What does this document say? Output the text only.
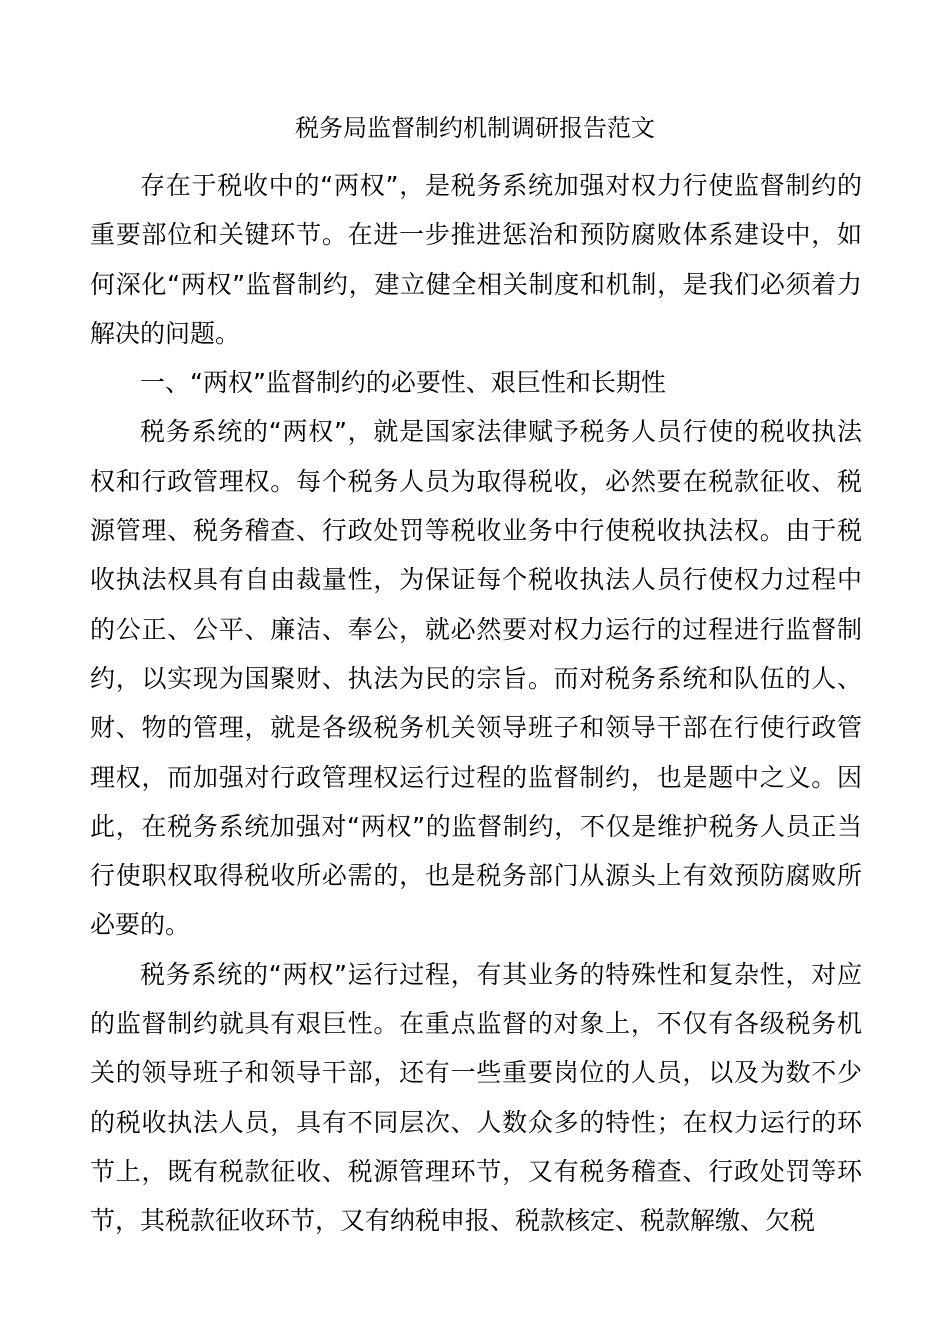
税务局监督制约机制调研报告范文

存在于税收中的“两权”，是税务系统加强对权力行使监督制约的重要部位和关键环节。在进一步推进惩治和预防腐败体系建设中，如何深化“两权”监督制约，建立健全相关制度和机制，是我们必须着力解决的问题。

一、“两权”监督制约的必要性、艰巨性和长期性

税务系统的“两权”，就是国家法律赋予税务人员行使的税收执法权和行政管理权。每个税务人员为取得税收，必然要在税款征收、税源管理、税务稽查、行政处罚等税收业务中行使税收执法权。由于税收执法权具有自由裁量性，为保证每个税收执法人员行使权力过程中的公正、公平、廉洁、奉公，就必然要对权力运行的过程进行监督制约，以实现为国聚财、执法为民的宗旨。而对税务系统和队伍的人、财、物的管理，就是各级税务机关领导班子和领导干部在行使行政管理权，而加强对行政管理权运行过程的监督制约，也是题中之义。因此，在税务系统加强对“两权”的监督制约，不仅是维护税务人员正当行使职权取得税收所必需的，也是税务部门从源头上有效预防腐败所必要的。

税务系统的“两权”运行过程，有其业务的特殊性和复杂性，对应的监督制约就具有艰巨性。在重点监督的对象上，不仅有各级税务机关的领导班子和领导干部，还有一些重要岗位的人员，以及为数不少的税收执法人员，具有不同层次、人数众多的特性；在权力运行的环节上，既有税款征收、税源管理环节，又有税务稽查、行政处罚等环节，其税款征收环节，又有纳税申报、税款核定、税款解缴、欠税
